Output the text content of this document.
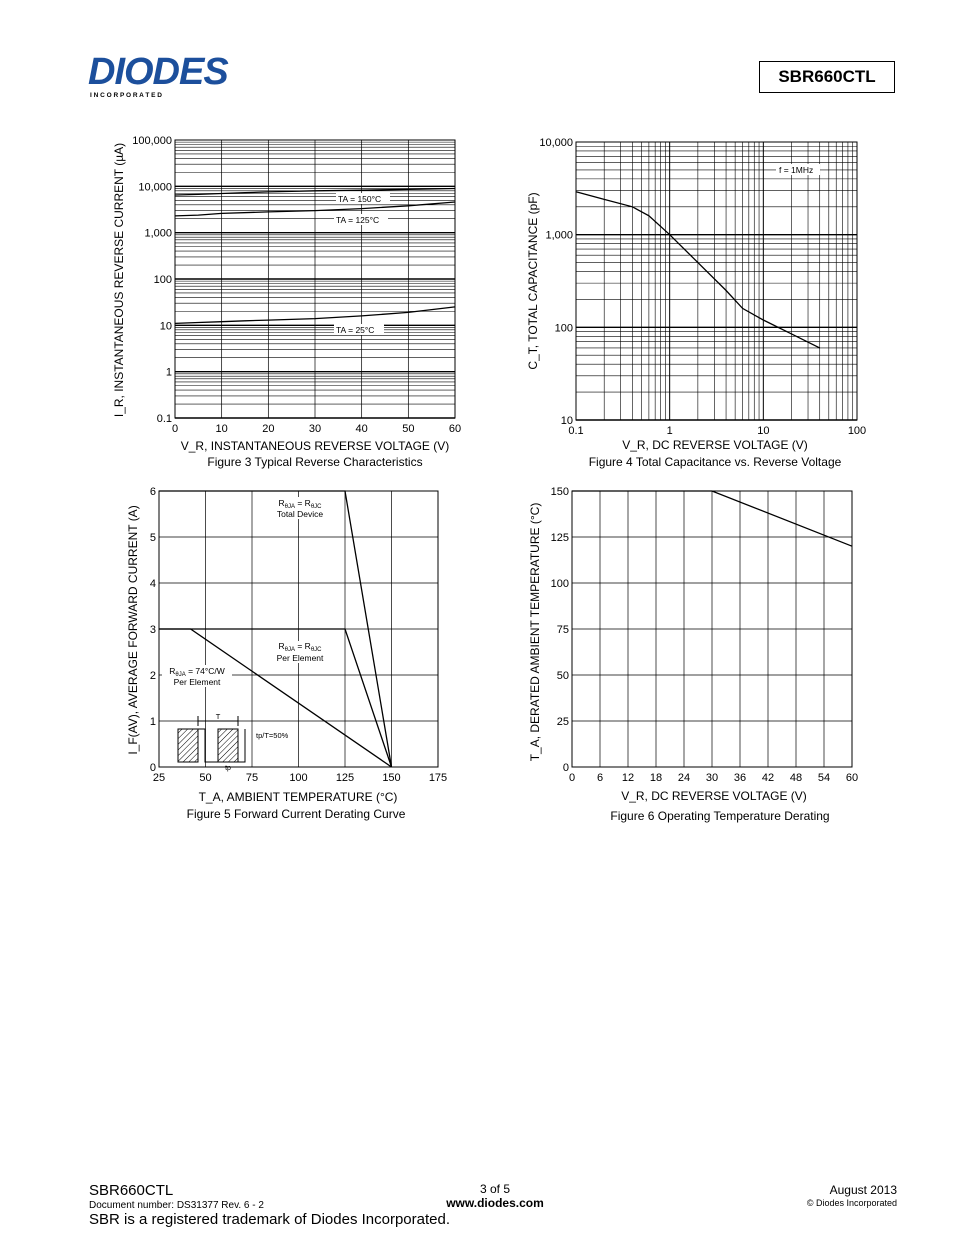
DIODES
I N C O R P O R A T E D
SBR660CTL
0	10	20	30	40	50	60
0.1
1
10
100
1,000
10,000
100,000
TA = 150°C
TA = 125°C
TA = 25°C
V_R, INSTANTANEOUS REVERSE VOLTAGE (V)
I_R, INSTANTANEOUS REVERSE CURRENT (µA)
Figure 3 Typical Reverse Characteristics
0.1	1	10	100
10
100
1,000
10,000
f = 1MHz
V_R, DC REVERSE VOLTAGE (V)
C_T, TOTAL CAPACITANCE (pF)
Figure 4 Total Capacitance vs. Reverse Voltage
25	50	75	100	125	150	175
0
1
2
3
4
5
6
$R_{\theta JA} = R_{\theta JC}$
Total Device
$R_{\theta JA} = R_{\theta JC}$
Per Element
$R_{\theta JA} = 74^\circ C/W$
Per Element
T
tp
tp/T=50%
T_A, AMBIENT TEMPERATURE (°C)
I_F(AV), AVERAGE FORWARD CURRENT (A)
Figure 5 Forward Current Derating Curve
0 6 12 18 24 30 36 42 48 54 60
0
25
50
75
100
125
150
V_R, DC REVERSE VOLTAGE (V)
T_A, DERATED AMBIENT TEMPERATURE (°C)
Figure 6 Operating Temperature Derating
SBR660CTL
Document number: DS31377 Rev. 6 - 2
SBR is a registered trademark of Diodes Incorporated.
3 of 5
www.diodes.com
August 2013
© Diodes Incorporated
